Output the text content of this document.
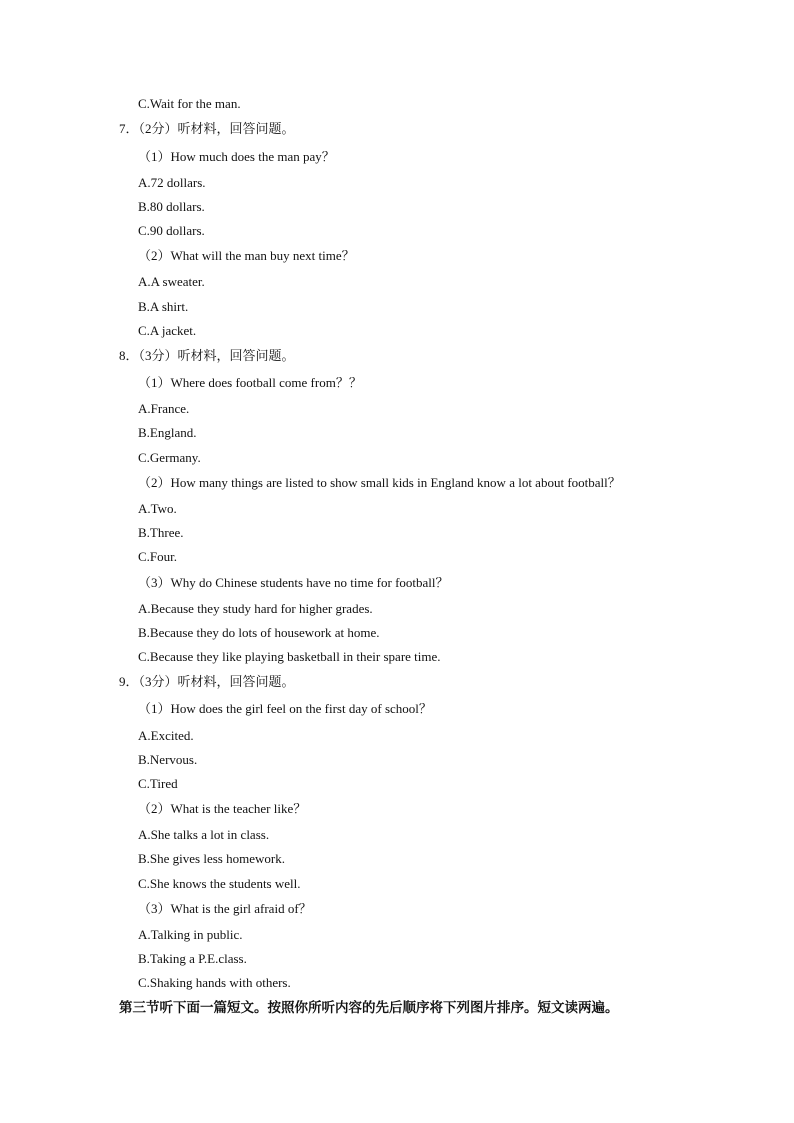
C.Wait for the man.
7．（2分）听材料，回答问题。
（1）How much does the man pay？
A.72 dollars.
B.80 dollars.
C.90 dollars.
（2）What will the man buy next time？
A.A sweater.
B.A shirt.
C.A jacket.
8．（3分）听材料，回答问题。
（1）Where does football come from？？
A.France.
B.England.
C.Germany.
（2）How many things are listed to show small kids in England know a lot about football？
A.Two.
B.Three.
C.Four.
（3）Why do Chinese students have no time for football？
A.Because they study hard for higher grades.
B.Because they do lots of housework at home.
C.Because they like playing basketball in their spare time.
9．（3分）听材料，回答问题。
（1）How does the girl feel on the first day of school？
A.Excited.
B.Nervous.
C.Tired
（2）What is the teacher like？
A.She talks a lot in class.
B.She gives less homework.
C.She knows the students well.
（3）What is the girl afraid of？
A.Talking in public.
B.Taking a P.E.class.
C.Shaking hands with others.
第三节听下面一篇短文。按照你所听内容的先后顺序将下列图片排序。短文读两遍。
